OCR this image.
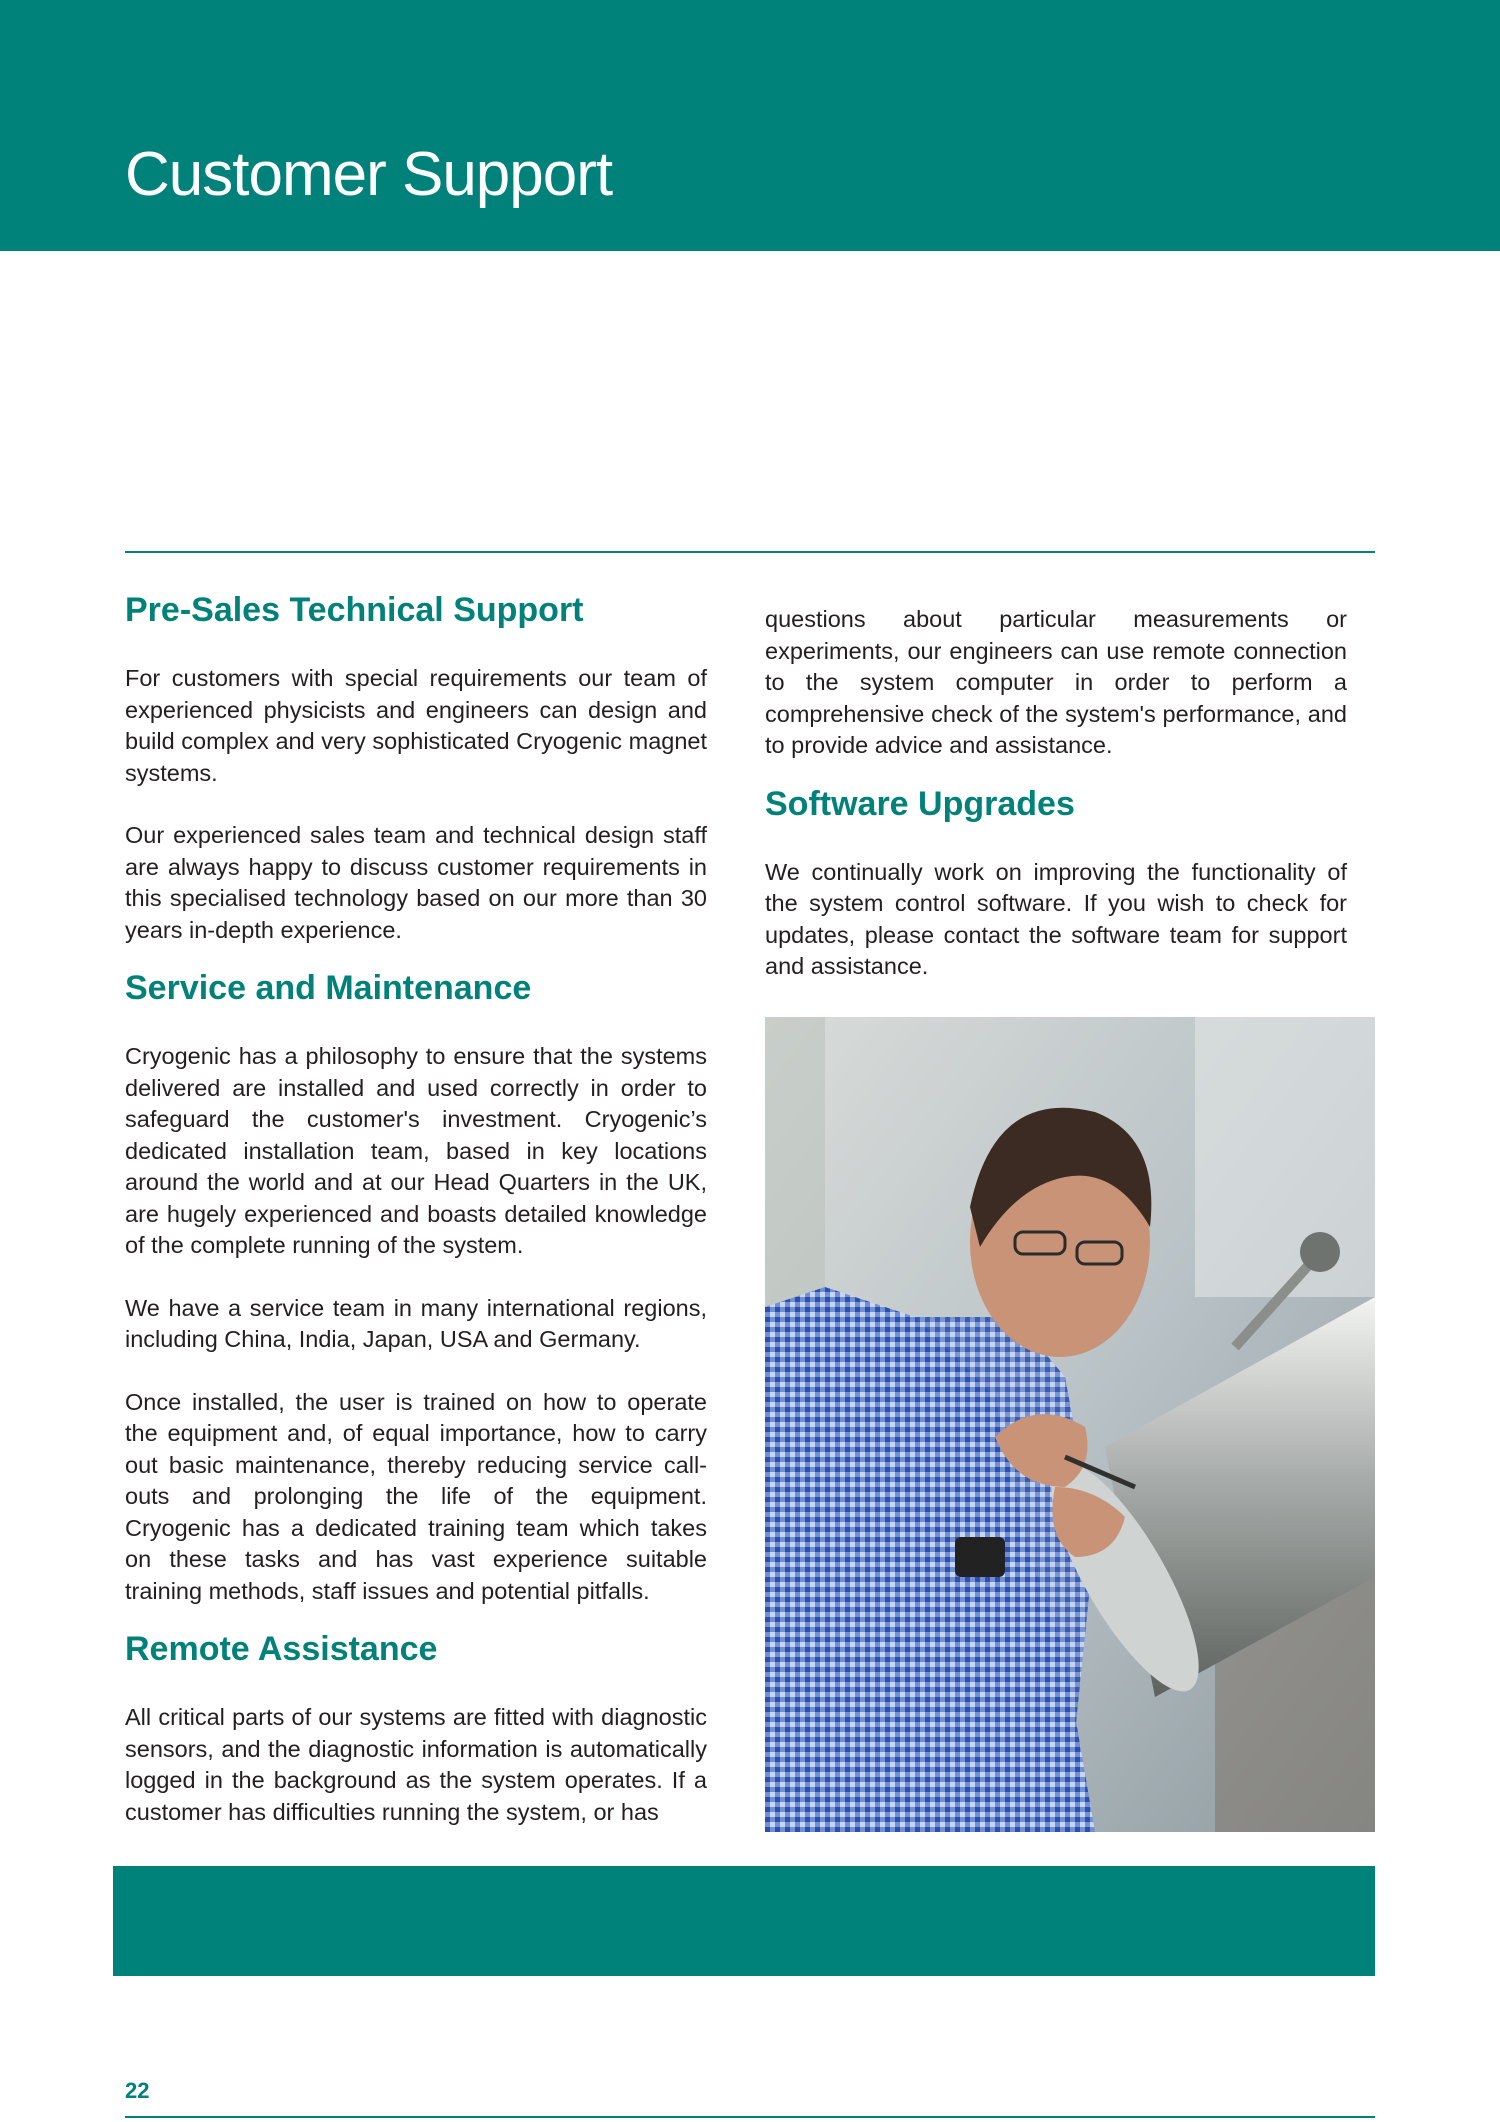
Customer Support
Pre-Sales Technical Support

For customers with special requirements our team of experienced physicists and engineers can design and build complex and very sophisticated Cryogenic magnet systems.

Our experienced sales team and technical design staff are always happy to discuss customer requirements in this specialised technology based on our more than 30 years in-depth experience.

Service and Maintenance

Cryogenic has a philosophy to ensure that the systems delivered are installed and used correctly in order to safeguard the customer's investment. Cryogenic’s dedicated installation team, based in key locations around the world and at our Head Quarters in the UK, are hugely experienced and boasts detailed knowledge of the complete running of the system.

We have a service team in many international regions, including China, India, Japan, USA and Germany.

Once installed, the user is trained on how to operate the equipment and, of equal importance, how to carry out basic maintenance, thereby reducing service call-outs and prolonging the life of the equipment. Cryogenic has a dedicated training team which takes on these tasks and has vast experience suitable training methods, staff issues and potential pitfalls.

Remote Assistance

All critical parts of our systems are fitted with diagnostic sensors, and the diagnostic information is automatically logged in the background as the system operates. If a customer has difficulties running the system, or has

questions about particular measurements or experiments, our engineers can use remote connection to the system computer in order to perform a comprehensive check of the system's performance, and to provide advice and assistance.

Software Upgrades

We continually work on improving the functionality of the system control software. If you wish to check for updates, please contact the software team for support and assistance.

22
